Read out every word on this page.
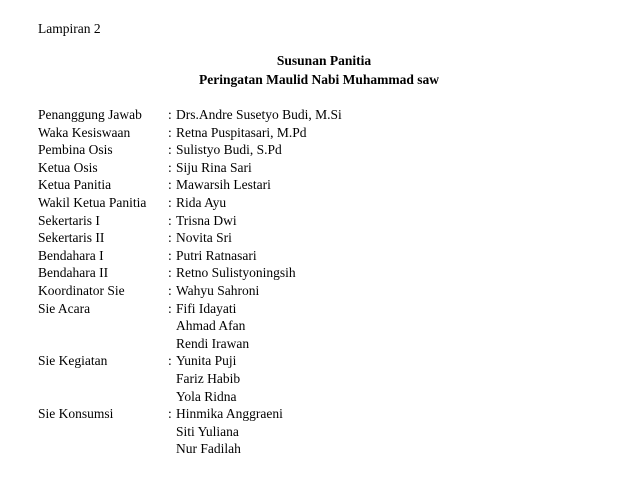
Lampiran 2
Susunan Panitia
Peringatan Maulid Nabi Muhammad saw
Penanggung Jawab : Drs.Andre Susetyo Budi, M.Si
Waka Kesiswaan	: Retna Puspitasari, M.Pd
Pembina Osis	: Sulistyo Budi, S.Pd
Ketua Osis	: Siju Rina Sari
Ketua Panitia	: Mawarsih Lestari
Wakil Ketua Panitia : Rida Ayu
Sekertaris I	: Trisna Dwi
Sekertaris II	: Novita Sri
Bendahara I	: Putri Ratnasari
Bendahara II	: Retno Sulistyoningsih
Koordinator Sie	: Wahyu Sahroni
Sie Acara	: Fifi Idayati
Ahmad Afan
Rendi Irawan
Sie Kegiatan	: Yunita Puji
Fariz Habib
Yola Ridna
Sie Konsumsi	: Hinmika Anggraeni
Siti Yuliana
Nur Fadilah
